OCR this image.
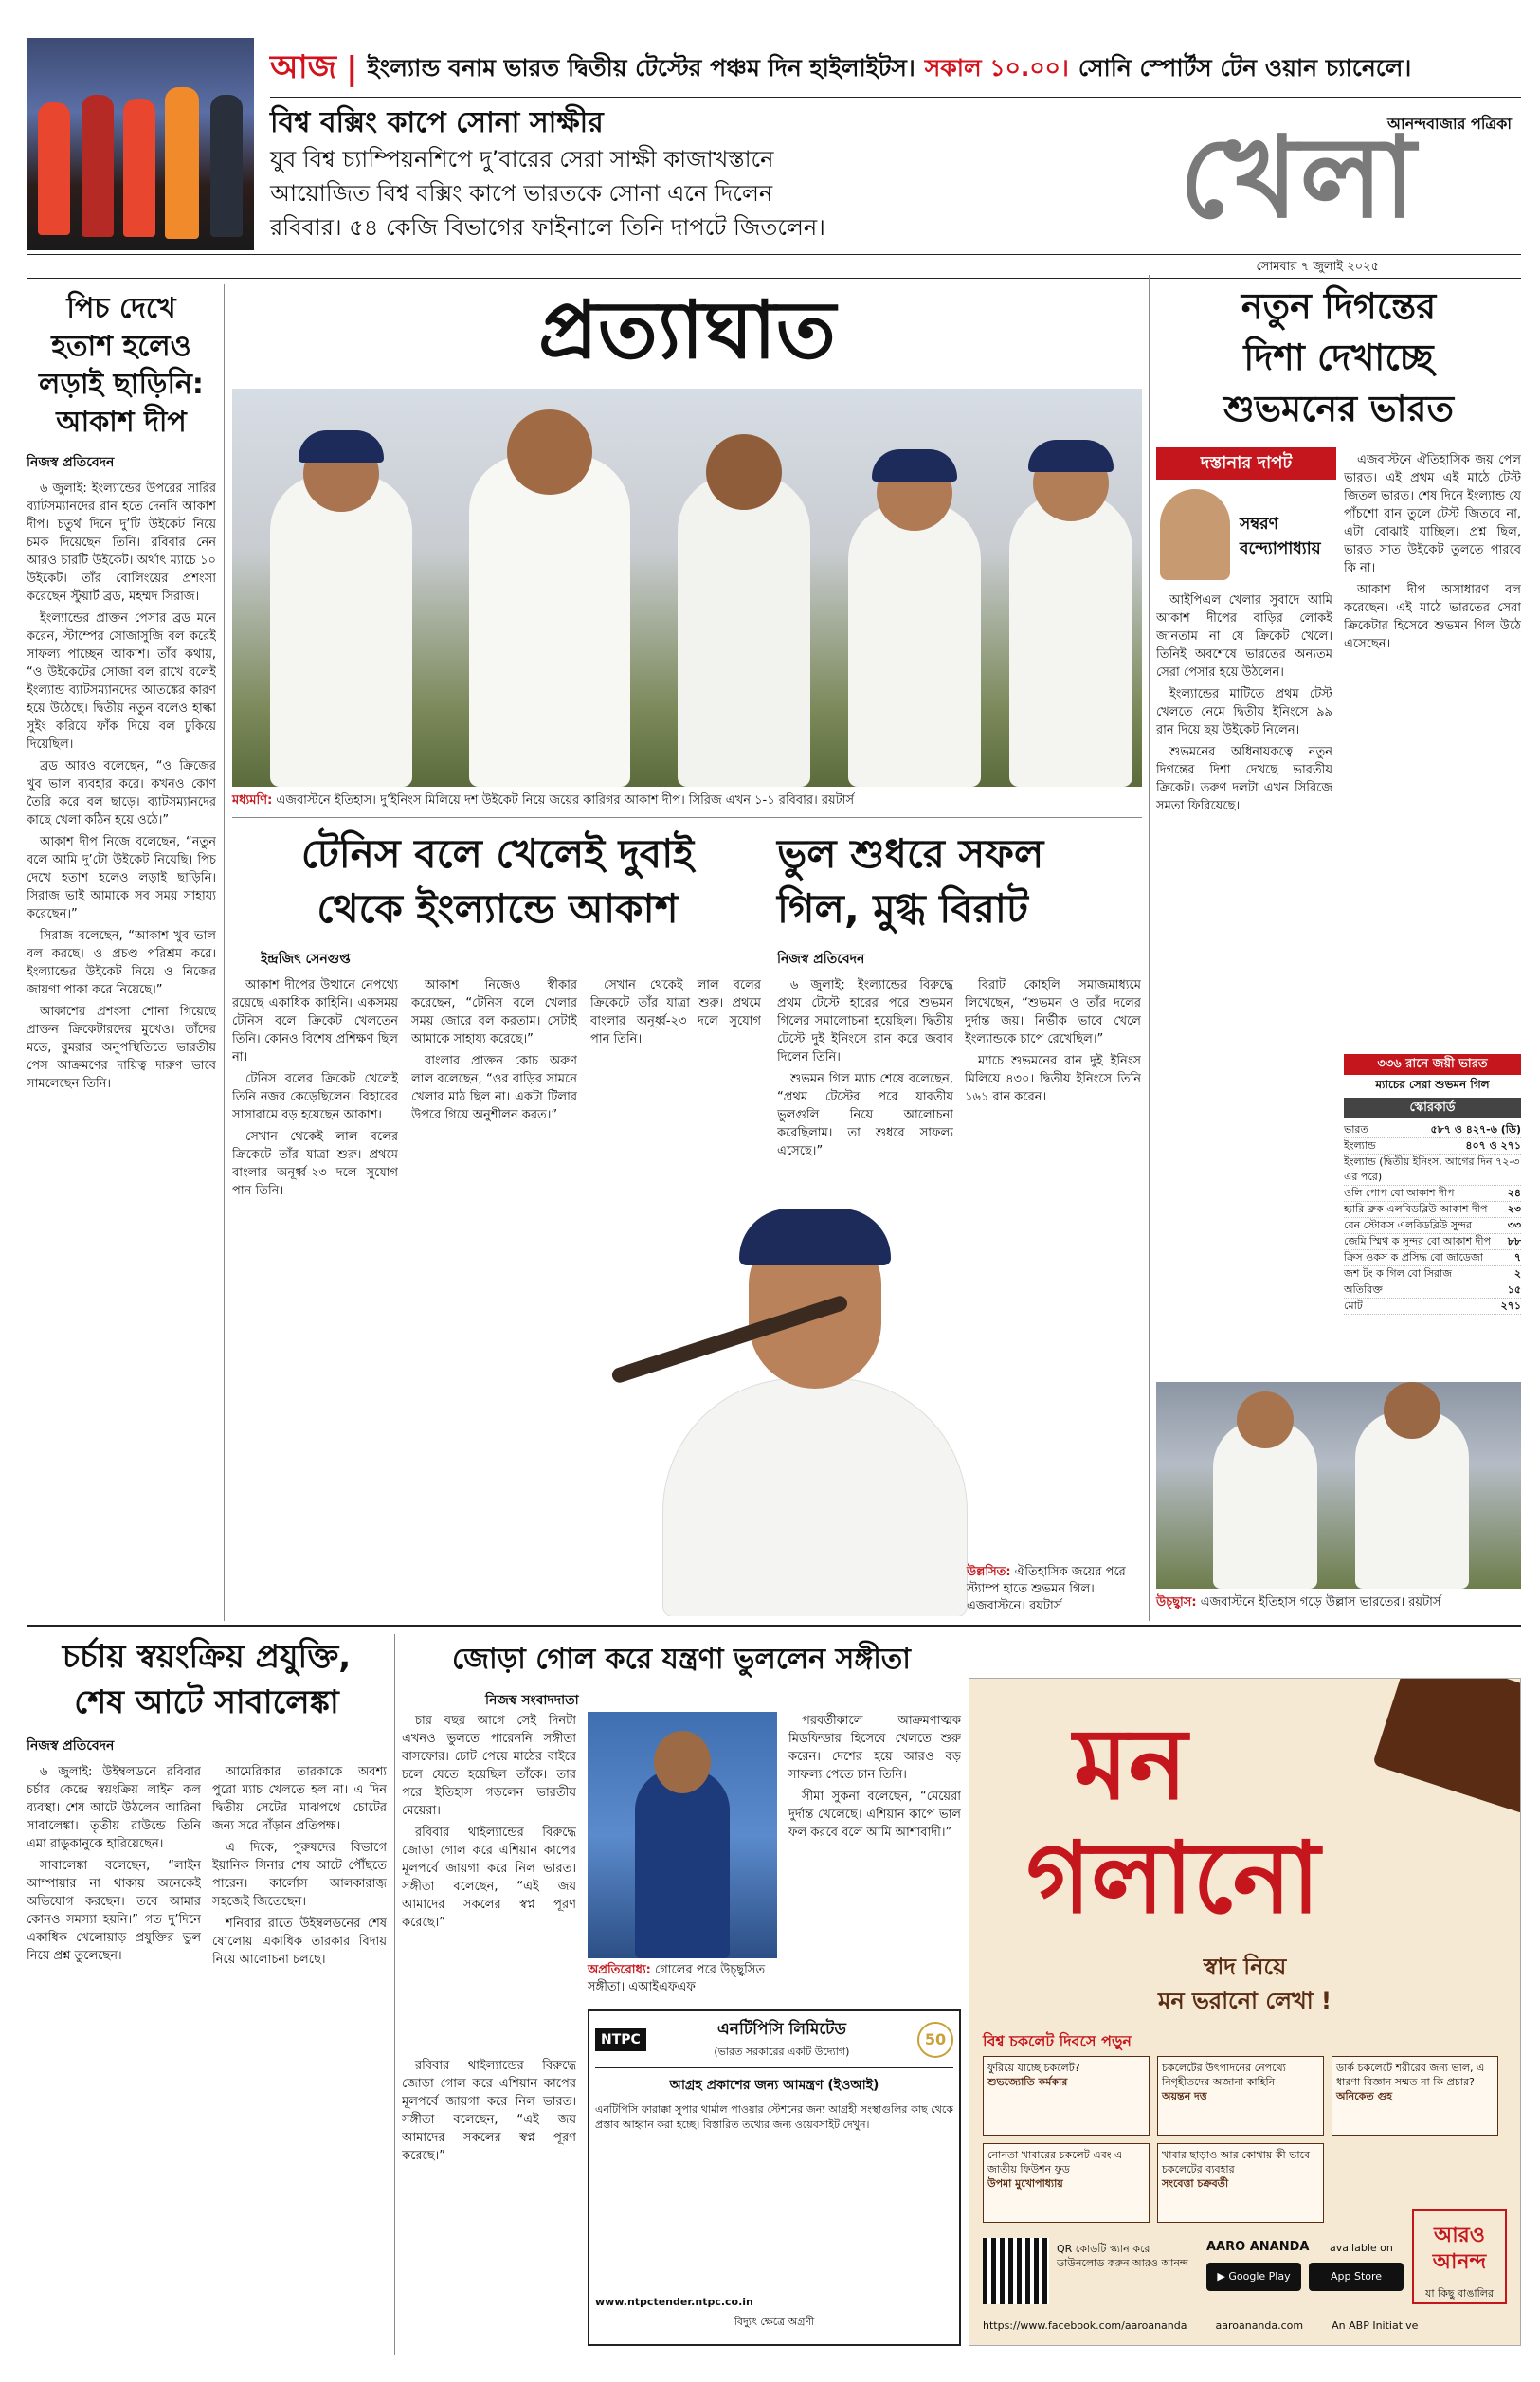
আজ | ইংল্যান্ড বনাম ভারত দ্বিতীয় টেস্টের পঞ্চম দিন হাইলাইটস। সকাল ১০.০০। সোনি স্পোর্টস টেন ওয়ান চ্যানেলে।
বিশ্ব বক্সিং কাপে সোনা সাক্ষীর
যুব বিশ্ব চ্যাম্পিয়নশিপে দু’বারের সেরা সাক্ষী কাজাখস্তানে
আয়োজিত বিশ্ব বক্সিং কাপে ভারতকে সোনা এনে দিলেন
রবিবার। ৫৪ কেজি বিভাগের ফাইনালে তিনি দাপটে জিতলেন।
আনন্দবাজার পত্রিকা
খেলা
সোমবার ৭ জুলাই ২০২৫
পিচ দেখে
হতাশ হলেও
লড়াই ছাড়িনি:
আকাশ দীপ
নিজস্ব প্রতিবেদন

৬ জুলাই: ইংল্যান্ডের উপরের সারির ব্যাটসম্যানদের রান হতে দেননি আকাশ দীপ। চতুর্থ দিনে দু’টি উইকেট নিয়ে চমক দিয়েছেন তিনি। রবিবার নেন আরও চারটি উইকেট। অর্থাৎ ম্যাচে ১০ উইকেট। তাঁর বোলিংয়ের প্রশংসা করেছেন স্টুয়ার্ট ব্রড, মহম্মদ সিরাজ।

ইংল্যান্ডের প্রাক্তন পেসার ব্রড মনে করেন, স্টাম্পের সোজাসুজি বল করেই সাফল্য পাচ্ছেন আকাশ। তাঁর কথায়, “ও উইকেটের সোজা বল রাখে বলেই ইংল্যান্ড ব্যাটসম্যানদের আতঙ্কের কারণ হয়ে উঠেছে। দ্বিতীয় নতুন বলেও হাল্কা সুইং করিয়ে ফাঁক দিয়ে বল ঢুকিয়ে দিয়েছিল।

ব্রড আরও বলেছেন, “ও ক্রিজের খুব ভাল ব্যবহার করে। কখনও কোণ তৈরি করে বল ছাড়ে। ব্যাটসম্যানদের কাছে খেলা কঠিন হয়ে ওঠে।”

আকাশ দীপ নিজে বলেছেন, “নতুন বলে আমি দু’টো উইকেট নিয়েছি। পিচ দেখে হতাশ হলেও লড়াই ছাড়িনি। সিরাজ ভাই আমাকে সব সময় সাহায্য করেছেন।”

সিরাজ বলেছেন, “আকাশ খুব ভাল বল করছে। ও প্রচণ্ড পরিশ্রম করে। ইংল্যান্ডের উইকেট নিয়ে ও নিজের জায়গা পাকা করে নিয়েছে।”

আকাশের প্রশংসা শোনা গিয়েছে প্রাক্তন ক্রিকেটারদের মুখেও। তাঁদের মতে, বুমরার অনুপস্থিতিতে ভারতীয় পেস আক্রমণের দায়িত্ব দারুণ ভাবে সামলেছেন তিনি।

প্রত্যাঘাত
মধ্যমণি: এজবাস্টনে ইতিহাস। দু’ইনিংস মিলিয়ে দশ উইকেট নিয়ে জয়ের কারিগর আকাশ দীপ। সিরিজ এখন ১-১ রবিবার। রয়টার্স
টেনিস বলে খেলেই দুবাই
থেকে ইংল্যান্ডে আকাশ
ইন্দ্রজিৎ সেনগুপ্ত

আকাশ দীপের উত্থানে নেপথ্যে রয়েছে একাধিক কাহিনি। একসময় টেনিস বলে ক্রিকেট খেলতেন তিনি। কোনও বিশেষ প্রশিক্ষণ ছিল না।

টেনিস বলের ক্রিকেট খেলেই তিনি নজর কেড়েছিলেন। বিহারের সাসারামে বড় হয়েছেন আকাশ।

সেখান থেকেই লাল বলের ক্রিকেটে তাঁর যাত্রা শুরু। প্রথমে বাংলার অনূর্ধ্ব-২৩ দলে সুযোগ পান তিনি।

আকাশ নিজেও স্বীকার করেছেন, “টেনিস বলে খেলার সময় জোরে বল করতাম। সেটাই আমাকে সাহায্য করেছে।”

বাংলার প্রাক্তন কোচ অরুণ লাল বলেছেন, “ওর বাড়ির সামনে খেলার মাঠ ছিল না। একটা টিলার উপরে গিয়ে অনুশীলন করত।”

সেখান থেকেই লাল বলের ক্রিকেটে তাঁর যাত্রা শুরু। প্রথমে বাংলার অনূর্ধ্ব-২৩ দলে সুযোগ পান তিনি।

ভুল শুধরে সফল
গিল, মুগ্ধ বিরাট
নিজস্ব প্রতিবেদন

৬ জুলাই: ইংল্যান্ডের বিরুদ্ধে প্রথম টেস্টে হারের পরে শুভমন গিলের সমালোচনা হয়েছিল। দ্বিতীয় টেস্টে দুই ইনিংসে রান করে জবাব দিলেন তিনি।

শুভমন গিল ম্যাচ শেষে বলেছেন, “প্রথম টেস্টের পরে যাবতীয় ভুলগুলি নিয়ে আলোচনা করেছিলাম। তা শুধরে সাফল্য এসেছে।”

বিরাট কোহলি সমাজমাধ্যমে লিখেছেন, “শুভমন ও তাঁর দলের দুর্দান্ত জয়। নির্ভীক ভাবে খেলে ইংল্যান্ডকে চাপে রেখেছিল।”

ম্যাচে শুভমনের রান দুই ইনিংস মিলিয়ে ৪৩০। দ্বিতীয় ইনিংসে তিনি ১৬১ রান করেন।

উল্লসিত: ঐতিহাসিক জয়ের পরে স্ট্যাম্প হাতে শুভমন গিল। এজবাস্টনে। রয়টার্স
নতুন দিগন্তের
দিশা দেখাচ্ছে
শুভমনের ভারত
দস্তানার দাপট
সম্বরণ
বন্দ্যোপাধ্যায়

আইপিএল খেলার সুবাদে আমি আকাশ দীপের বাড়ির লোকই জানতাম না যে ক্রিকেট খেলে। তিনিই অবশেষে ভারতের অন্যতম সেরা পেসার হয়ে উঠলেন।

ইংল্যান্ডের মাটিতে প্রথম টেস্ট খেলতে নেমে দ্বিতীয় ইনিংসে ৯৯ রান দিয়ে ছয় উইকেট নিলেন।

শুভমনের অধিনায়কত্বে নতুন দিগন্তের দিশা দেখছে ভারতীয় ক্রিকেট। তরুণ দলটা এখন সিরিজে সমতা ফিরিয়েছে।

এজবাস্টনে ঐতিহাসিক জয় পেল ভারত। এই প্রথম এই মাঠে টেস্ট জিতল ভারত। শেষ দিনে ইংল্যান্ড যে পাঁচশো রান তুলে টেস্ট জিতবে না, এটা বোঝাই যাচ্ছিল। প্রশ্ন ছিল, ভারত সাত উইকেট তুলতে পারবে কি না।

আকাশ দীপ অসাধারণ বল করেছেন। এই মাঠে ভারতের সেরা ক্রিকেটার হিসেবে শুভমন গিল উঠে এসেছেন।

৩৩৬ রানে জয়ী ভারত
ম্যাচের সেরা শুভমন গিল
স্কোরকার্ড
ভারত	৫৮৭ ও ৪২৭-৬ (ডি)
ইংল্যান্ড	৪০৭ ও ২৭১
ইংল্যান্ড (দ্বিতীয় ইনিংস, আগের দিন ৭২-৩ এর পরে)
ওলি পোপ বো আকাশ দীপ	২৪
হ্যারি ব্রুক এলবিডব্লিউ আকাশ দীপ ২৩
বেন স্টোকস এলবিডব্লিউ সুন্দর	৩৩
জেমি স্মিথ ক সুন্দর বো আকাশ দীপ ৮৮
ক্রিস ওকস ক প্রসিদ্ধ বো জাডেজা	৭
জশ টং ক গিল বো সিরাজ	২
অতিরিক্ত	১৫
মোট	২৭১
উচ্ছ্বাস: এজবাস্টনে ইতিহাস গড়ে উল্লাস ভারতের। রয়টার্স
চর্চায় স্বয়ংক্রিয় প্রযুক্তি,
শেষ আটে সাবালেঙ্কা
নিজস্ব প্রতিবেদন

৬ জুলাই: উইম্বলডনে রবিবার চর্চার কেন্দ্রে স্বয়ংক্রিয় লাইন কল ব্যবস্থা। শেষ আটে উঠলেন আরিনা সাবালেঙ্কা। তৃতীয় রাউন্ডে তিনি এমা রাডুকানুকে হারিয়েছেন।

সাবালেঙ্কা বলেছেন, “লাইন আম্পায়ার না থাকায় অনেকেই অভিযোগ করছেন। তবে আমার কোনও সমস্যা হয়নি।” গত দু’দিনে একাধিক খেলোয়াড় প্রযুক্তির ভুল নিয়ে প্রশ্ন তুলেছেন।

আমেরিকার তারকাকে অবশ্য পুরো ম্যাচ খেলতে হল না। এ দিন দ্বিতীয় সেটের মাঝপথে চোটের জন্য সরে দাঁড়ান প্রতিপক্ষ।

এ দিকে, পুরুষদের বিভাগে ইয়ানিক সিনার শেষ আটে পৌঁছতে পারেন। কার্লোস আলকারাজ় সহজেই জিতেছেন।

শনিবার রাতে উইম্বলডনের শেষ ষোলোয় একাধিক তারকার বিদায় নিয়ে আলোচনা চলছে।

জোড়া গোল করে যন্ত্রণা ভুললেন সঙ্গীতা
নিজস্ব সংবাদদাতা

চার বছর আগে সেই দিনটা এখনও ভুলতে পারেননি সঙ্গীতা বাসফোর। চোট পেয়ে মাঠের বাইরে চলে যেতে হয়েছিল তাঁকে। তার পরে ইতিহাস গড়লেন ভারতীয় মেয়েরা।

রবিবার থাইল্যান্ডের বিরুদ্ধে জোড়া গোল করে এশিয়ান কাপের মূলপর্বে জায়গা করে নিল ভারত। সঙ্গীতা বলেছেন, “এই জয় আমাদের সকলের স্বপ্ন পূরণ করেছে।”

অপ্রতিরোধ্য: গোলের পরে উচ্ছ্বসিত সঙ্গীতা। এআইএফএফ

পরবর্তীকালে আক্রমণাত্মক মিডফিল্ডার হিসেবে খেলতে শুরু করেন। দেশের হয়ে আরও বড় সাফল্য পেতে চান তিনি।

সীমা সুকনা বলেছেন, “মেয়েরা দুর্দান্ত খেলেছে। এশিয়ান কাপে ভাল ফল করবে বলে আমি আশাবাদী।”

NTPC
এনটিপিসি লিমিটেড
(ভারত সরকারের একটি উদ্যোগ)
50
আগ্রহ প্রকাশের জন্য আমন্ত্রণ (ইওআই)
এনটিপিসি ফারাক্কা সুপার থার্মাল পাওয়ার স্টেশনের জন্য আগ্রহী সংস্থাগুলির কাছ থেকে প্রস্তাব আহ্বান করা হচ্ছে। বিস্তারিত তথ্যের জন্য ওয়েবসাইট দেখুন।
www.ntpctender.ntpc.co.in
বিদ্যুৎ ক্ষেত্রে অগ্রণী

রবিবার থাইল্যান্ডের বিরুদ্ধে জোড়া গোল করে এশিয়ান কাপের মূলপর্বে জায়গা করে নিল ভারত। সঙ্গীতা বলেছেন, “এই জয় আমাদের সকলের স্বপ্ন পূরণ করেছে।”

মন
গলানো
স্বাদ নিয়ে
মন ভরানো লেখা !
বিশ্ব চকলেট দিবসে পড়ুন
ফুরিয়ে যাচ্ছে চকলেট?
শুভজ্যোতি কর্মকার
চকলেটের উৎপাদনের নেপথ্যে নিগৃহীতদের অজানা কাহিনি
অয়ন্তন দত্ত
ডার্ক চকলেটে শরীরের জন্য ভাল, এ ধারণা বিজ্ঞান সম্মত না কি প্রচার?
অনিকেত গুহ
নোনতা খাবারের চকলেট এবং এ জাতীয় ফিউশন ফুড
উপমা মুখোপাধ্যায়
খাবার ছাড়াও আর কোথায় কী ভাবে চকলেটের ব্যবহার
সংবেত্তা চক্রবর্তী
QR কোডটি স্ক্যান করে ডাউনলোড করুন আরও আনন্দ
AARO ANANDA available on
▶ Google Play	App Store
আরও আনন্দ
যা কিছু বাঙালির
https://www.facebook.com/aaroananda	aaroananda.com	An ABP Initiative
